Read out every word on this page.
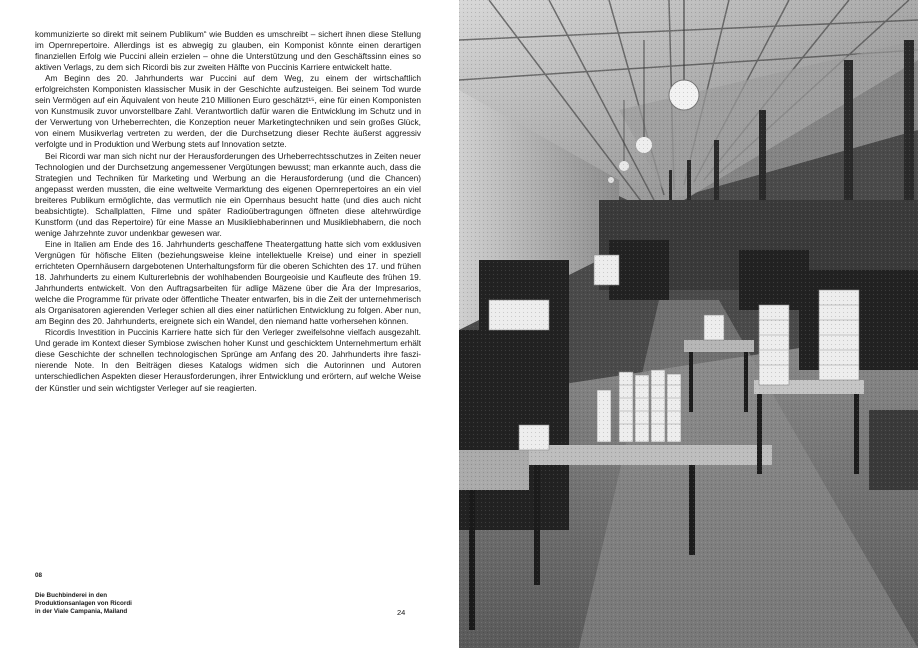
kommunizierte so direkt mit seinem Publikum“ wie Budden es umschreibt – sichert ihnen diese Stellung im Opernrepertoire. Allerdings ist es abwegig zu glauben, ein Komponist könnte einen derartigen finanziellen Erfolg wie Puccini allein erzielen – ohne die Unterstützung und den Geschäftssinn eines so aktiven Verlags, zu dem sich Ricordi bis zur zweiten Hälfte von Puccinis Karriere entwickelt hatte.

Am Beginn des 20. Jahrhunderts war Puccini auf dem Weg, zu einem der wirtschaftlich erfolgreichsten Komponisten klassischer Musik in der Geschichte aufzusteigen. Bei seinem Tod wurde sein Vermögen auf ein Äquivalent von heute 210 Millionen Euro geschätzt¹⁵, eine für einen Komponisten von Kunstmusik zuvor unvorstellbare Zahl. Verantwortlich dafür waren die Entwicklung im Schutz und in der Verwertung von Urheberrechten, die Konzeption neuer Marketingtechniken und sein großes Glück, von einem Musikverlag vertreten zu werden, der die Durchsetzung dieser Rechte äußerst aggressiv verfolgte und in Produktion und Werbung stets auf Innovation setzte.

Bei Ricordi war man sich nicht nur der Herausforderungen des Urheberrechtsschutzes in Zeiten neuer Technologien und der Durchsetzung angemessener Vergütungen bewusst; man erkannte auch, dass die Strategien und Techniken für Marketing und Werbung an die Herausforderung (und die Chancen) angepasst werden mussten, die eine weltweite Vermarktung des eigenen Opernrepertoires an ein viel breiteres Publikum ermöglichte, das vermutlich nie ein Opernhaus besucht hatte (und dies auch nicht beabsichtigte). Schallplatten, Filme und später Radioübertragungen öffneten diese altehrwürdige Kunstform (und das Repertoire) für eine Masse an Musikliebhaberinnen und Musikliebhabern, die noch wenige Jahrzehnte zuvor undenkbar gewesen war.

Eine in Italien am Ende des 16. Jahrhunderts geschaffene Theatergattung hatte sich vom exklusiven Vergnügen für höfische Eliten (beziehungsweise kleine intellektuelle Kreise) und einer in speziell errichteten Opernhäusern dargebotenen Unterhaltungsform für die oberen Schichten des 17. und frühen 18. Jahrhunderts zu einem Kulturerlebnis der wohlhabenden Bourgeoisie und Kaufleute des frühen 19. Jahrhunderts entwickelt. Von den Auftragsarbeiten für adlige Mäzene über die Ära der Impresarios, welche die Programme für private oder öffentliche Theater entwarfen, bis in die Zeit der unternehmerisch als Organisatoren agierenden Verleger schien all dies einer natürlichen Entwicklung zu folgen. Aber nun, am Beginn des 20. Jahrhunderts, ereignete sich ein Wandel, den niemand hatte vorhersehen können.

Ricordis Investition in Puccinis Karriere hatte sich für den Verleger zweifelsohne vielfach ausgezahlt. Und gerade im Kontext dieser Symbiose zwischen hoher Kunst und geschicktem Unternehmertum erhält diese Geschichte der schnellen technologischen Sprünge am Anfang des 20. Jahrhunderts ihre faszinierende Note. In den Beiträgen dieses Katalogs widmen sich die Autorinnen und Autoren unterschiedlichen Aspekten dieser Herausforderungen, ihrer Entwicklung und erörtern, auf welche Weise der Künstler und sein wichtigster Verleger auf sie reagierten.

08
Die Buchbinderei in den
Produktionsanlagen von Ricordi
in der Viale Campania, Mailand	24
